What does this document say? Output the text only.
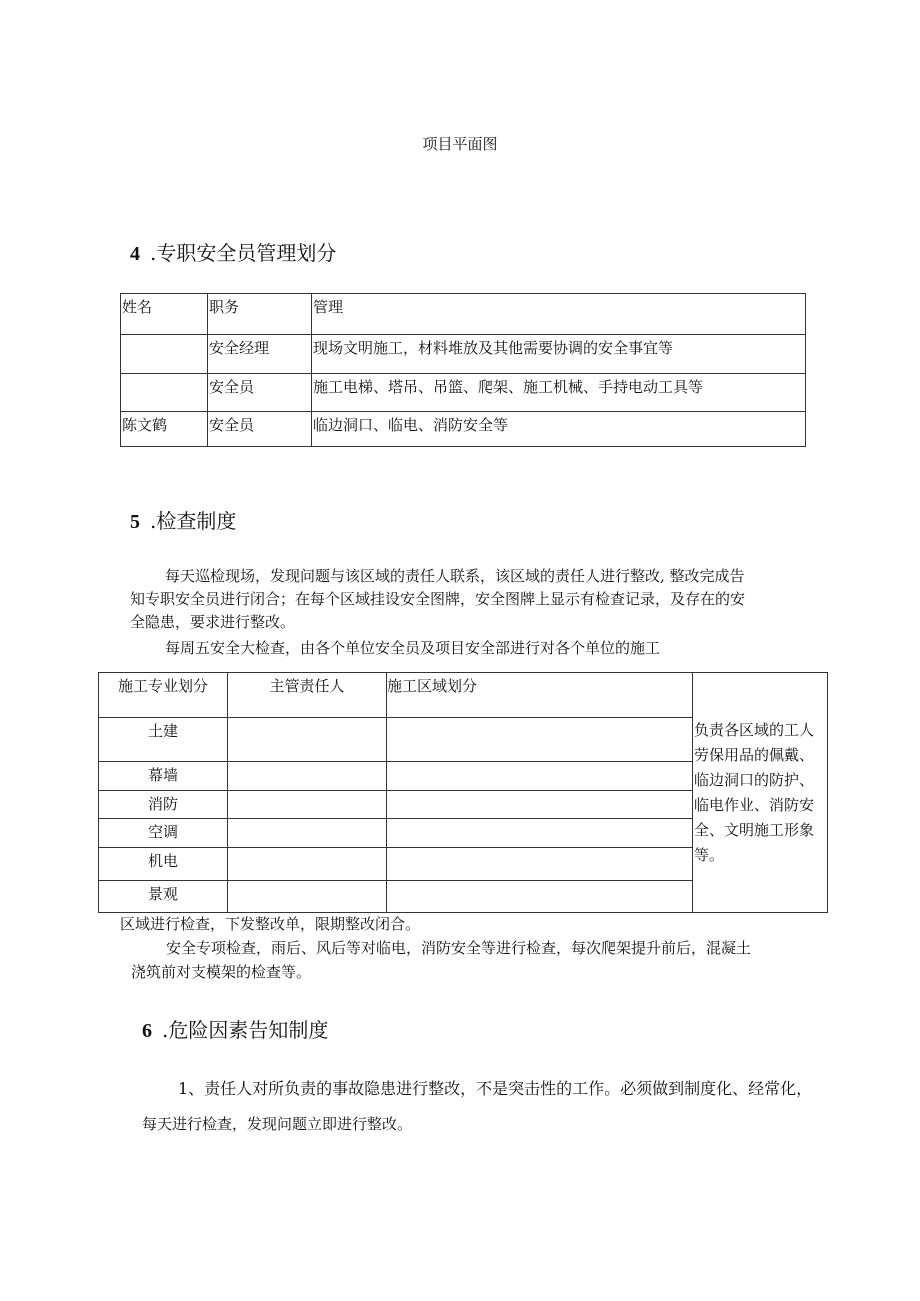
项目平面图
4 .专职安全员管理划分
姓名	职务	管理
	安全经理	现场文明施工，材料堆放及其他需要协调的安全事宜等
	安全员	施工电梯、塔吊、吊篮、爬架、施工机械、手持电动工具等
陈文鹤	安全员	临边洞口、临电、消防安全等
5 .检查制度
每天巡检现场，发现问题与该区域的责任人联系，该区域的责任人进行整改, 整改完成告
知专职安全员进行闭合；在每个区域挂设安全图牌，安全图牌上显示有检查记录，及存在的安
全隐患，要求进行整改。
每周五安全大检查，由各个单位安全员及项目安全部进行对各个单位的施工
施工专业划分	主管责任人	施工区域划分	负责各区域的工人劳保用品的佩戴、临边洞口的防护、临电作业、消防安全、文明施工形象等。
土建			
幕墙			
消防			
空调			
机电			
景观			
区域进行检查，下发整改单，限期整改闭合。
安全专项检查，雨后、风后等对临电，消防安全等进行检查，每次爬架提升前后，混凝土
浇筑前对支模架的检查等。
6 .危险因素告知制度
1、责任人对所负责的事故隐患进行整改，不是突击性的工作。必须做到制度化、经常化，
每天进行检查，发现问题立即进行整改。
